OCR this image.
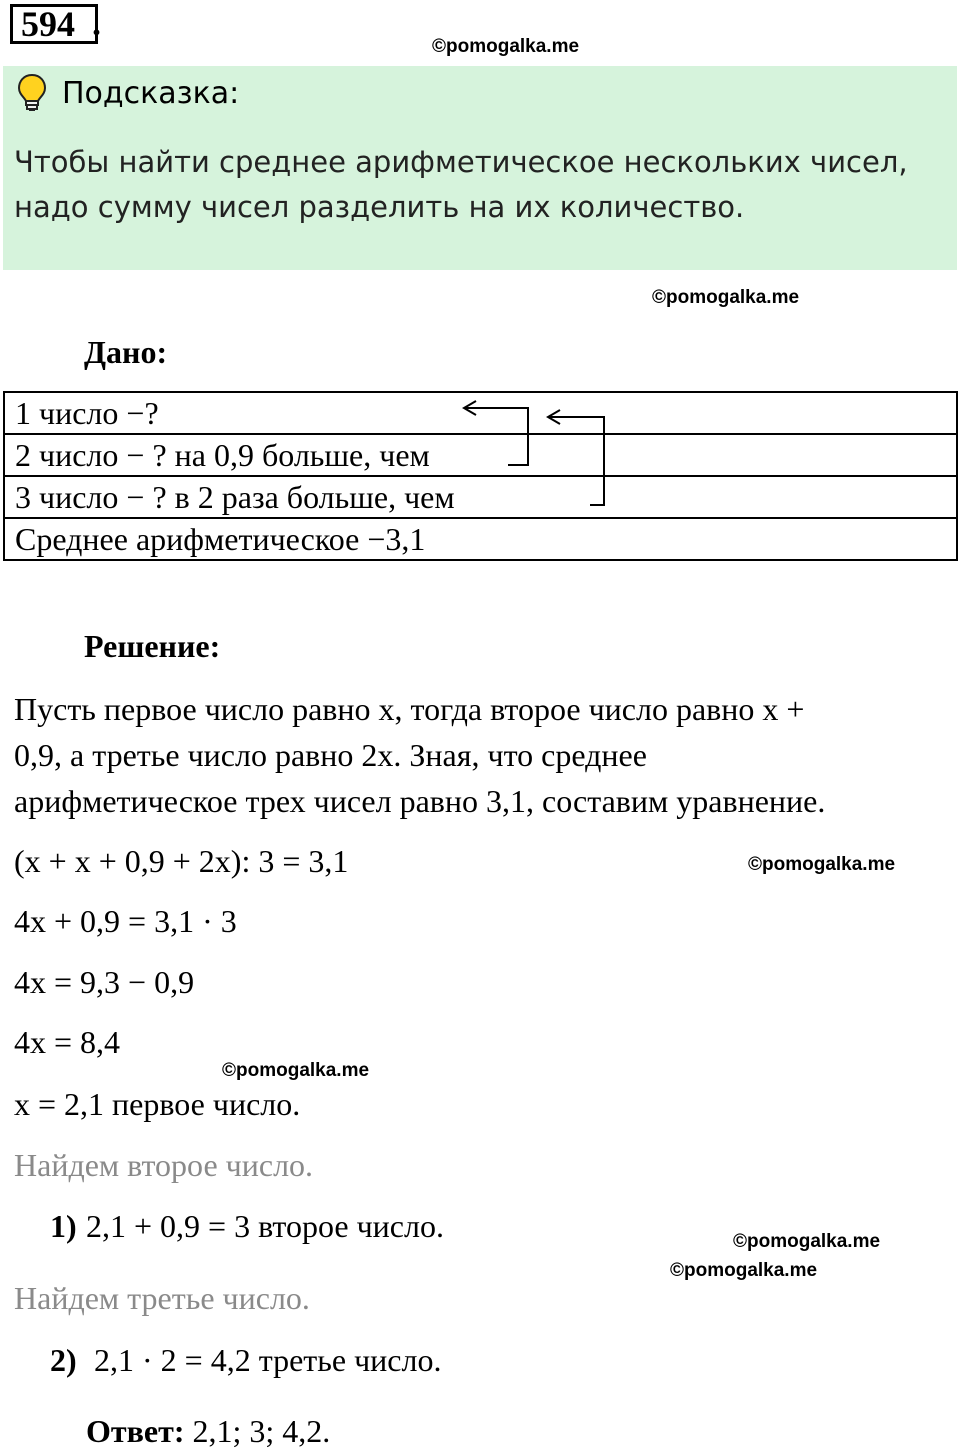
594 .
©pomogalka.me
Подсказка:
Чтобы найти среднее арифметическое нескольких чисел,
надо сумму чисел разделить на их количество.
©pomogalka.me
Дано:
1 число −?
2 число − ? на 0,9 больше, чем
3 число − ? в 2 раза больше, чем
Среднее арифметическое −3,1
Решение:
Пусть первое число равно x, тогда второе число равно x +
0,9, а третье число равно 2x. Зная, что среднее
арифметическое трех чисел равно 3,1, составим уравнение.
(x + x + 0,9 + 2x): 3 = 3,1	©pomogalka.me
4x + 0,9 = 3,1 · 3
4x = 9,3 − 0,9
4x = 8,4
©pomogalka.me
x = 2,1 первое число.
Найдем второе число.
1) 2,1 + 0,9 = 3 второе число.	©pomogalka.me
©pomogalka.me
Найдем третье число.
2) 2,1 · 2 = 4,2 третье число.
Ответ: 2,1; 3; 4,2.
